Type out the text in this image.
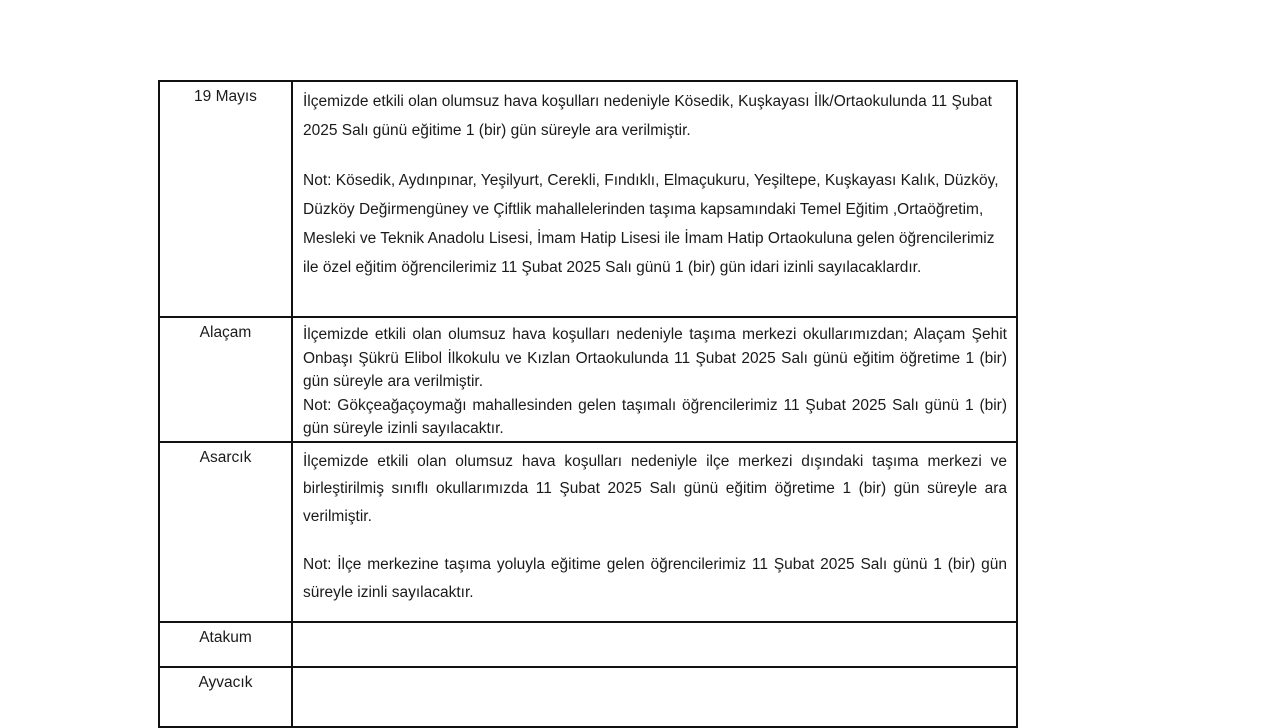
19 Mayıs	İlçemizde etkili olan olumsuz hava koşulları nedeniyle Kösedik, Kuşkayası İlk/Ortaokulunda 11 Şubat 2025 Salı günü eğitime 1 (bir) gün süreyle ara verilmiştir.

Not: Kösedik, Aydınpınar, Yeşilyurt, Cerekli, Fındıklı, Elmaçukuru, Yeşiltepe, Kuşkayası Kalık, Düzköy, Düzköy Değirmengüney ve Çiftlik mahallelerinden taşıma kapsamındaki Temel Eğitim ,Ortaöğretim, Mesleki ve Teknik Anadolu Lisesi, İmam Hatip Lisesi ile İmam Hatip Ortaokuluna gelen öğrencilerimiz ile özel eğitim öğrencilerimiz 11 Şubat 2025 Salı günü 1 (bir) gün idari izinli sayılacaklardır.

Alaçam	İlçemizde etkili olan olumsuz hava koşulları nedeniyle taşıma merkezi okullarımızdan; Alaçam Şehit Onbaşı Şükrü Elibol İlkokulu ve Kızlan Ortaokulunda 11 Şubat 2025 Salı günü eğitim öğretime 1 (bir) gün süreyle ara verilmiştir.

Not: Gökçeağaçoymağı mahallesinden gelen taşımalı öğrencilerimiz 11 Şubat 2025 Salı günü 1 (bir) gün süreyle izinli sayılacaktır.

Asarcık	İlçemizde etkili olan olumsuz hava koşulları nedeniyle ilçe merkezi dışındaki taşıma merkezi ve birleştirilmiş sınıflı okullarımızda 11 Şubat 2025 Salı günü eğitim öğretime 1 (bir) gün süreyle ara verilmiştir.

Not: İlçe merkezine taşıma yoluyla eğitime gelen öğrencilerimiz 11 Şubat 2025 Salı günü 1 (bir) gün süreyle izinli sayılacaktır.

Atakum	
Ayvacık	
